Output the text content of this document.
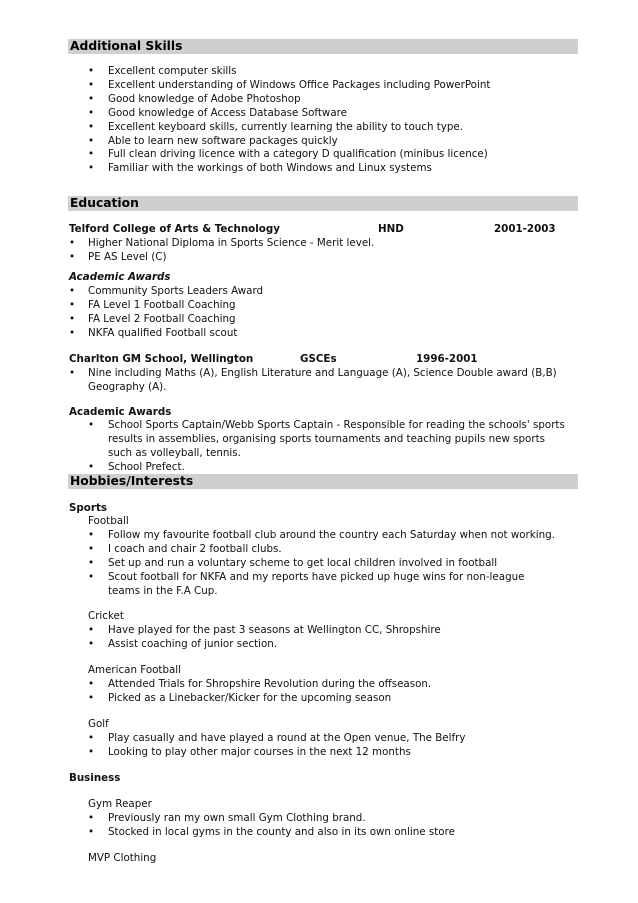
Additional Skills
• Excellent computer skills
• Excellent understanding of Windows Office Packages including PowerPoint
• Good knowledge of Adobe Photoshop
• Good knowledge of Access Database Software
• Excellent keyboard skills, currently learning the ability to touch type.
• Able to learn new software packages quickly
• Full clean driving licence with a category D qualification (minibus licence)
• Familiar with the workings of both Windows and Linux systems
Education
Telford College of Arts & Technology	HND	2001-2003
• Higher National Diploma in Sports Science - Merit level.
• PE AS Level (C)
Academic Awards
• Community Sports Leaders Award
• FA Level 1 Football Coaching
• FA Level 2 Football Coaching
• NKFA qualified Football scout
Charlton GM School, Wellington	GSCEs	1996-2001
• Nine including Maths (A), English Literature and Language (A), Science Double award (B,B) Geography (A).
Academic Awards
• School Sports Captain/Webb Sports Captain - Responsible for reading the schools' sports results in assemblies, organising sports tournaments and teaching pupils new sports such as volleyball, tennis.
• School Prefect.
Hobbies/Interests
Sports
Football
• Follow my favourite football club around the country each Saturday when not working.
• I coach and chair 2 football clubs.
• Set up and run a voluntary scheme to get local children involved in football
• Scout football for NKFA and my reports have picked up huge wins for non-league teams in the F.A Cup.
Cricket
• Have played for the past 3 seasons at Wellington CC, Shropshire
• Assist coaching of junior section.
American Football
• Attended Trials for Shropshire Revolution during the offseason.
• Picked as a Linebacker/Kicker for the upcoming season
Golf
• Play casually and have played a round at the Open venue, The Belfry
• Looking to play other major courses in the next 12 months
Business
Gym Reaper
• Previously ran my own small Gym Clothing brand.
• Stocked in local gyms in the county and also in its own online store
MVP Clothing
